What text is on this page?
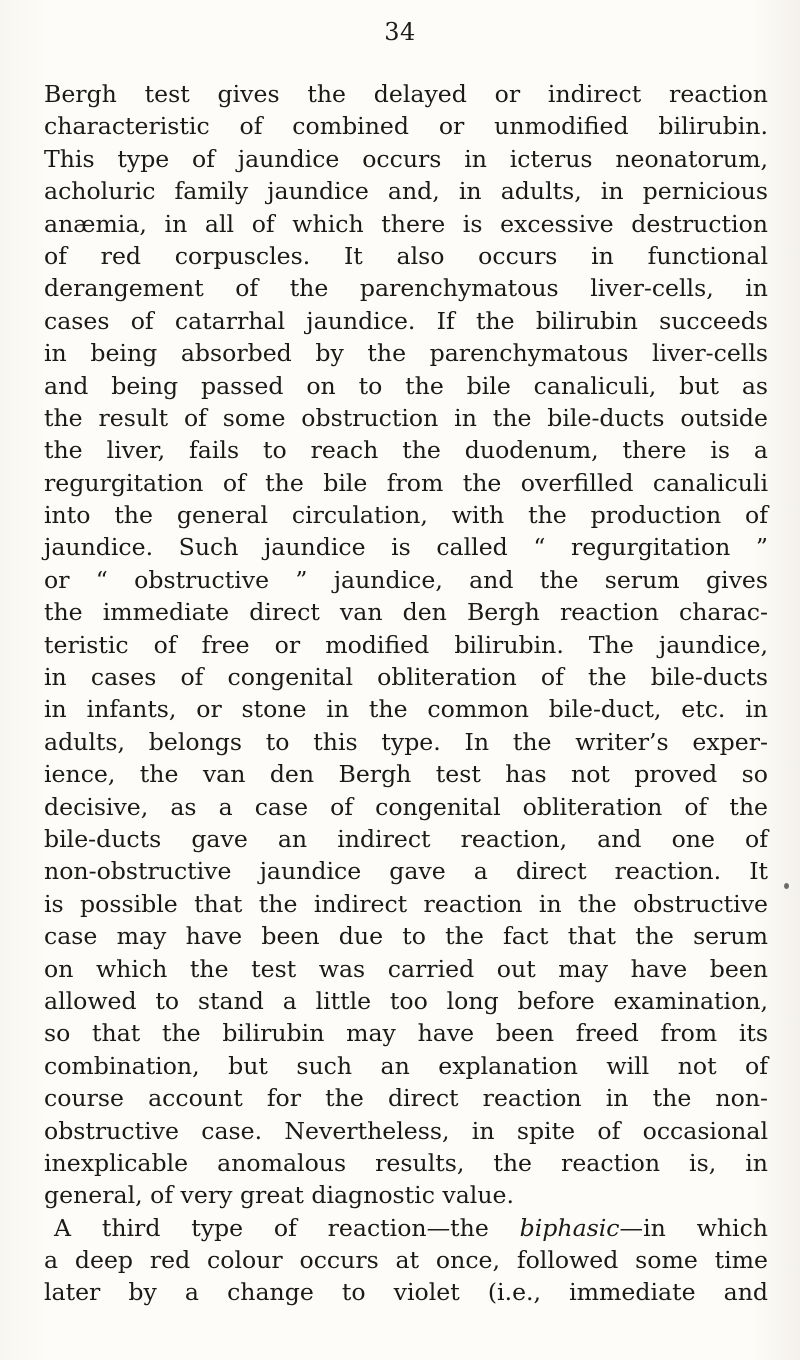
34
Bergh test gives the delayed or indirect reaction
characteristic of combined or unmodified bilirubin.
This type of jaundice occurs in icterus neonatorum,
acholuric family jaundice and, in adults, in pernicious
anæmia, in all of which there is excessive destruction
of red corpuscles. It also occurs in functional
derangement of the parenchymatous liver-cells, in
cases of catarrhal jaundice. If the bilirubin succeeds
in being absorbed by the parenchymatous liver-cells
and being passed on to the bile canaliculi, but as
the result of some obstruction in the bile-ducts outside
the liver, fails to reach the duodenum, there is a
regurgitation of the bile from the overfilled canaliculi
into the general circulation, with the production of
jaundice. Such jaundice is called “ regurgitation ”
or “ obstructive ” jaundice, and the serum gives
the immediate direct van den Bergh reaction charac-
teristic of free or modified bilirubin. The jaundice,
in cases of congenital obliteration of the bile-ducts
in infants, or stone in the common bile-duct, etc. in
adults, belongs to this type. In the writer’s exper-
ience, the van den Bergh test has not proved so
decisive, as a case of congenital obliteration of the
bile-ducts gave an indirect reaction, and one of
non-obstructive jaundice gave a direct reaction. It
is possible that the indirect reaction in the obstructive
case may have been due to the fact that the serum
on which the test was carried out may have been
allowed to stand a little too long before examination,
so that the bilirubin may have been freed from its
combination, but such an explanation will not of
course account for the direct reaction in the non-
obstructive case. Nevertheless, in spite of occasional
inexplicable anomalous results, the reaction is, in
general, of very great diagnostic value.
A third type of reaction—the biphasic—in which
a deep red colour occurs at once, followed some time
later by a change to violet (i.e., immediate and
